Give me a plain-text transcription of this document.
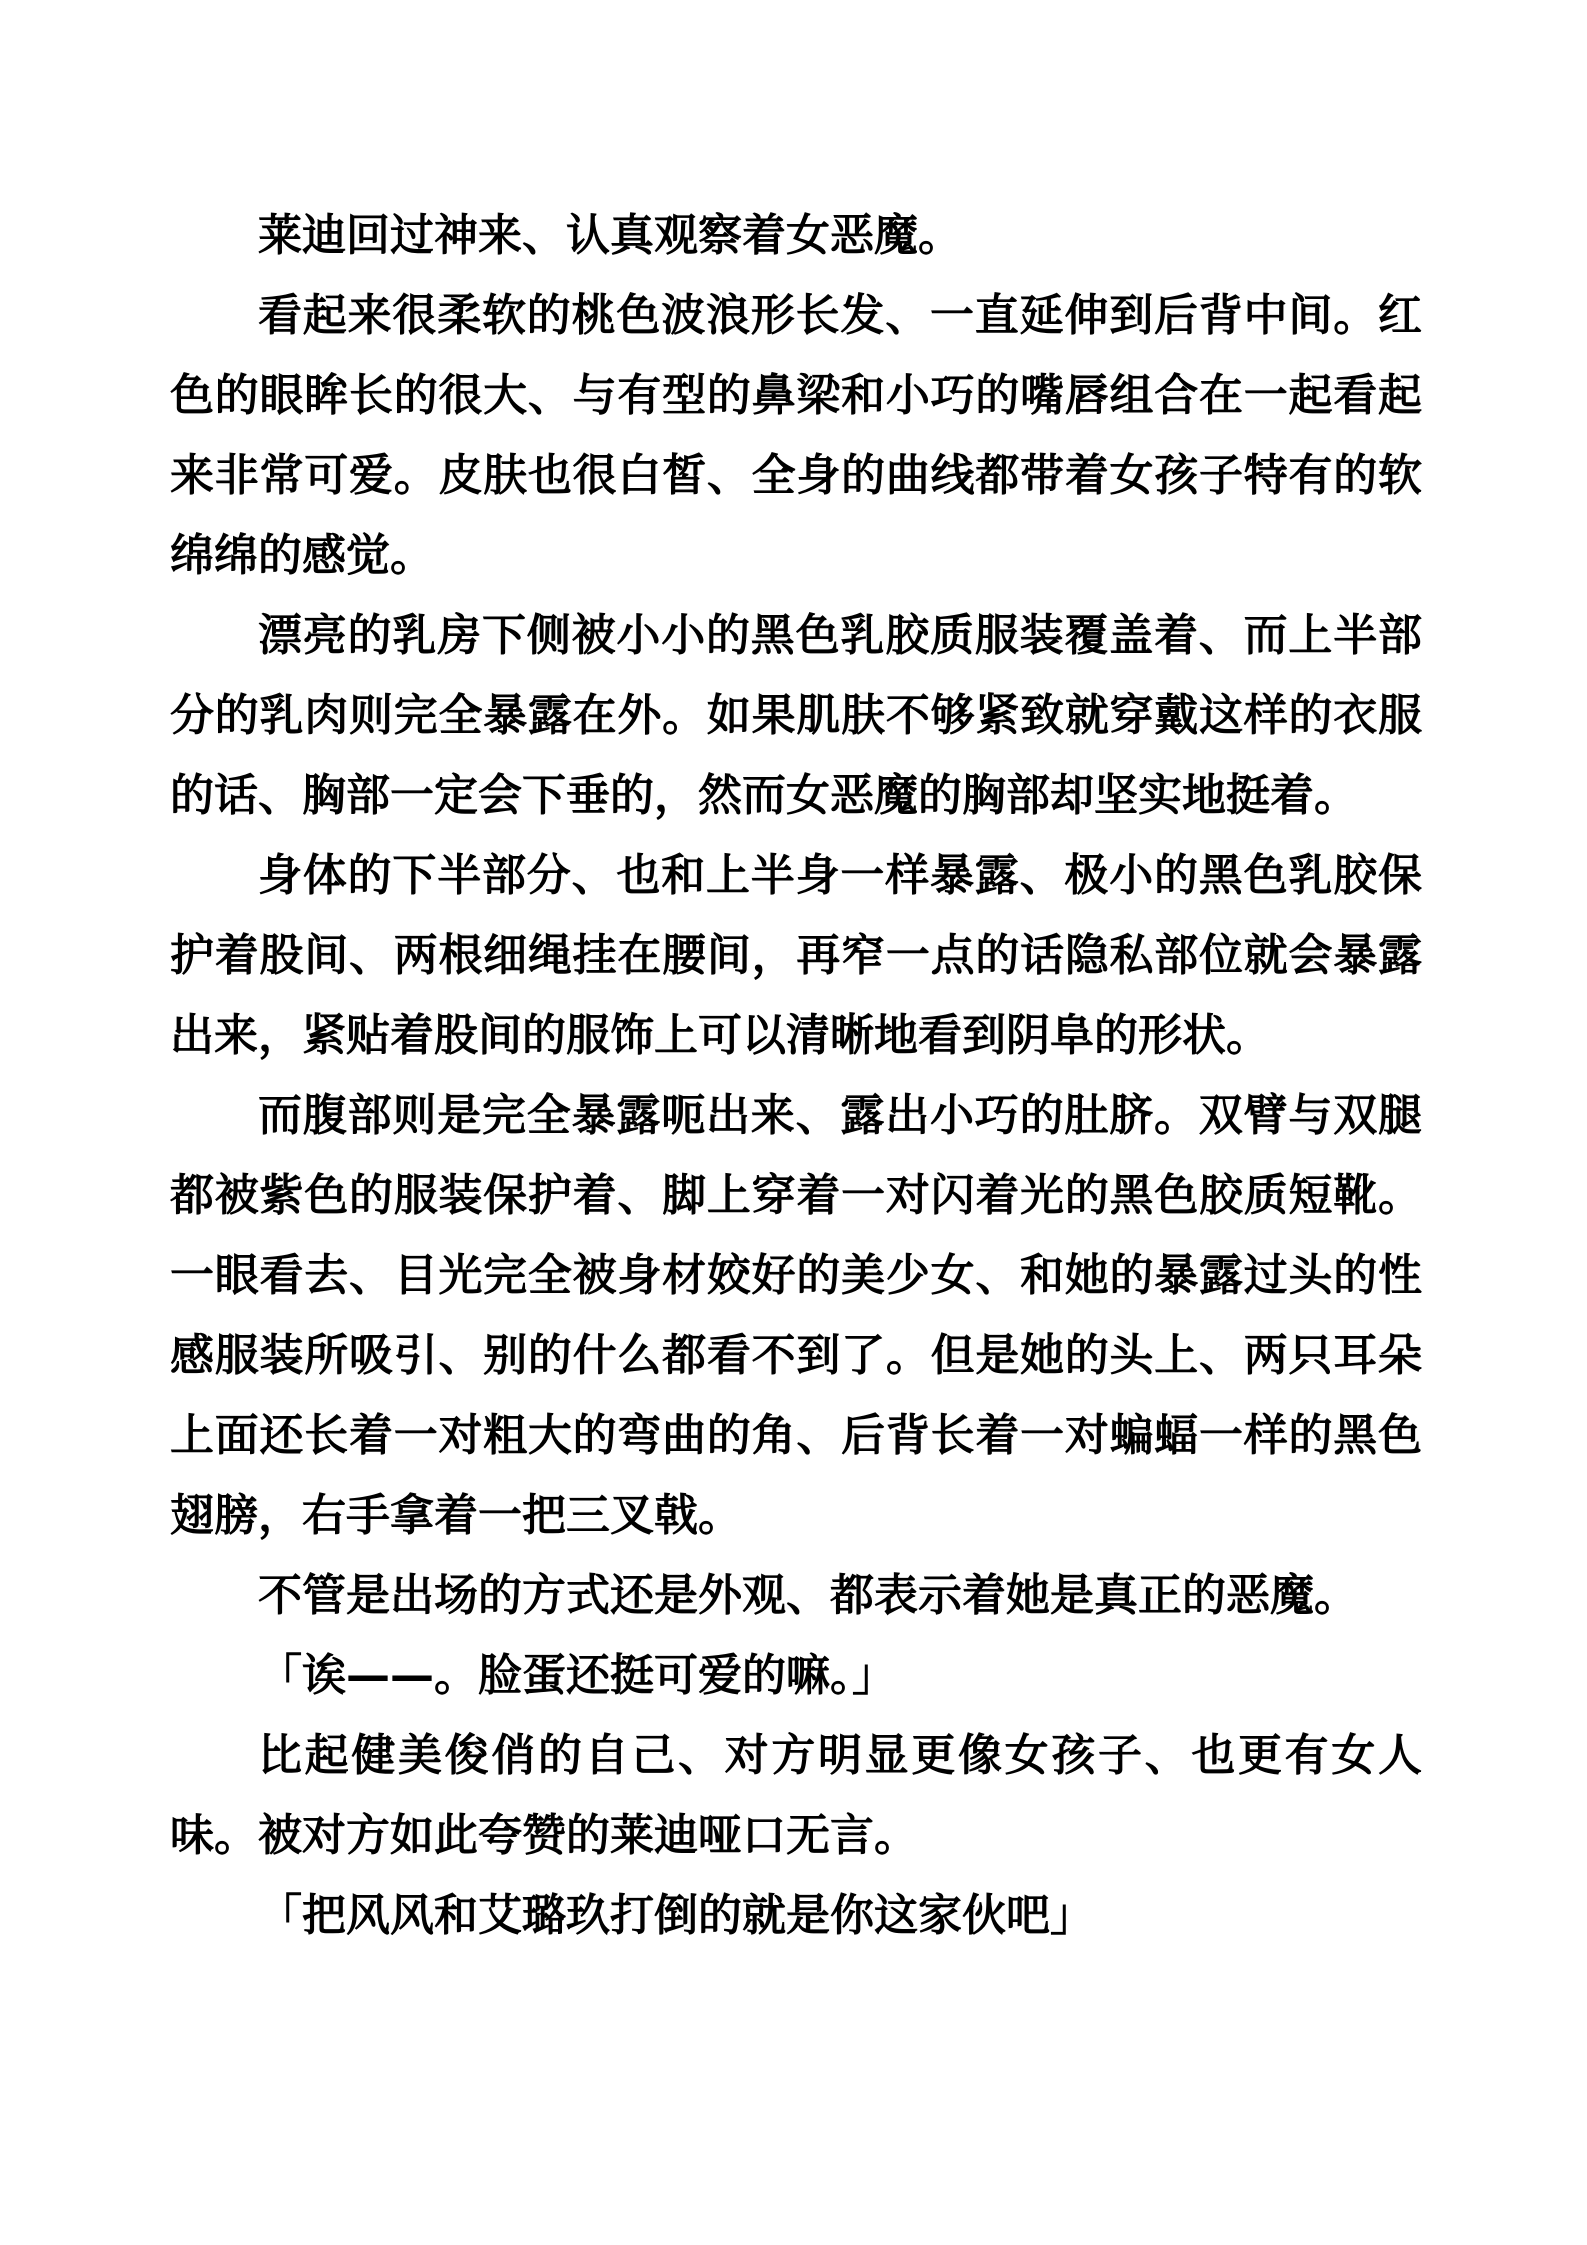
莱迪回过神来、认真观察着女恶魔。

看起来很柔软的桃色波浪形长发、一直延伸到后背中间。红色的眼眸长的很大、与有型的鼻梁和小巧的嘴唇组合在一起看起来非常可爱。皮肤也很白皙、全身的曲线都带着女孩子特有的软绵绵的感觉。

漂亮的乳房下侧被小小的黑色乳胶质服装覆盖着、而上半部分的乳肉则完全暴露在外。如果肌肤不够紧致就穿戴这样的衣服的话、胸部一定会下垂的，然而女恶魔的胸部却坚实地挺着。

身体的下半部分、也和上半身一样暴露、极小的黑色乳胶保护着股间、两根细绳挂在腰间，再窄一点的话隐私部位就会暴露出来，紧贴着股间的服饰上可以清晰地看到阴阜的形状。

而腹部则是完全暴露呃出来、露出小巧的肚脐。双臂与双腿都被紫色的服装保护着、脚上穿着一对闪着光的黑色胶质短靴。一眼看去、目光完全被身材姣好的美少女、和她的暴露过头的性感服装所吸引、别的什么都看不到了。但是她的头上、两只耳朵上面还长着一对粗大的弯曲的角、后背长着一对蝙蝠一样的黑色翅膀，右手拿着一把三叉戟。

不管是出场的方式还是外观、都表示着她是真正的恶魔。

「诶——。脸蛋还挺可爱的嘛。」

比起健美俊俏的自己、对方明显更像女孩子、也更有女人味。被对方如此夸赞的莱迪哑口无言。

「把风风和艾璐玖打倒的就是你这家伙吧」
